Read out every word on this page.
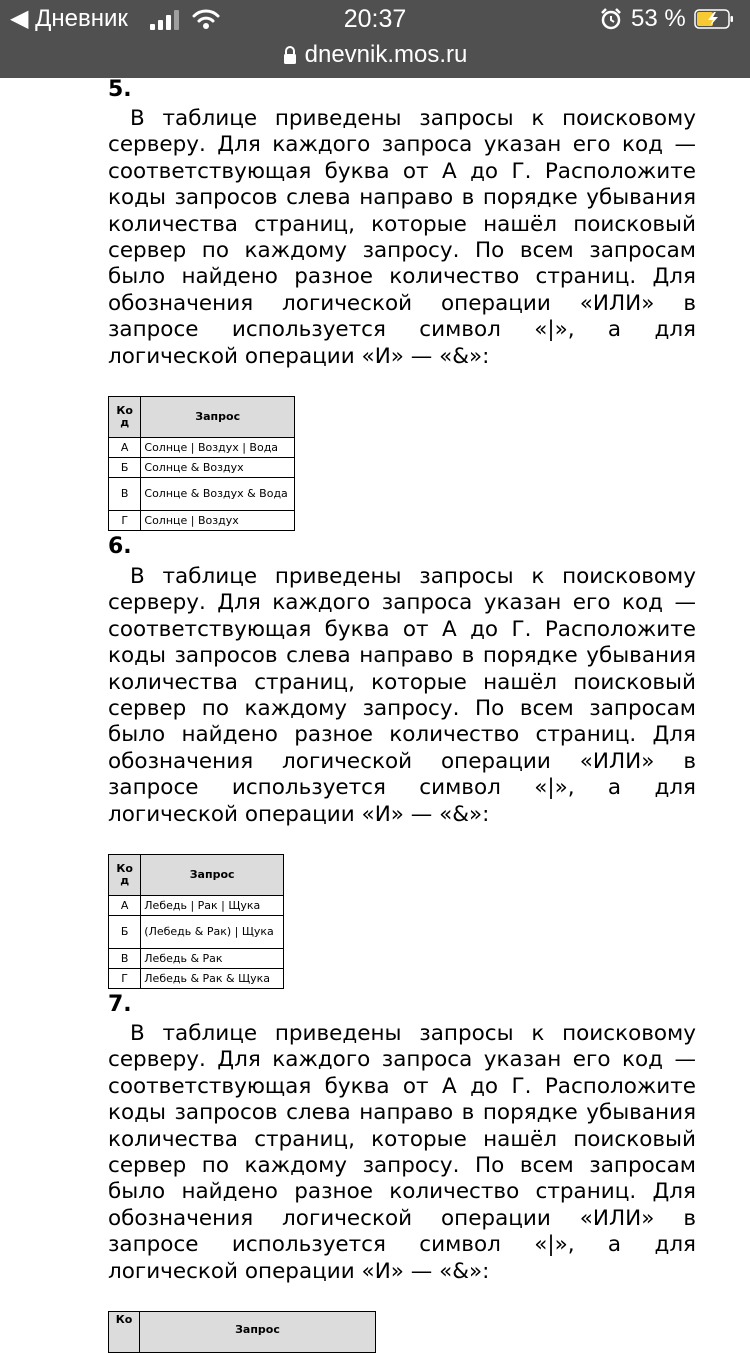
◀ Дневник	20:37	53 %
dnevnik.mos.ru
5.

В таблице приведены запросы к поисковому серверу. Для каждого запроса указан его код — соответствующая буква от А до Г. Расположите коды запросов слева направо в порядке убывания количества страниц, которые нашёл поисковый сервер по каждому запросу. По всем запросам было найдено разное количество страниц. Для обозначения логической операции «ИЛИ» в запросе используется символ «|», а для логической операции «И» — «&»:

Ко д	Запрос
А	Солнце | Воздух | Вода
Б	Солнце & Воздух
В	Солнце & Воздух & Вода
Г	Солнце | Воздух
6.

В таблице приведены запросы к поисковому серверу. Для каждого запроса указан его код — соответствующая буква от А до Г. Расположите коды запросов слева направо в порядке убывания количества страниц, которые нашёл поисковый сервер по каждому запросу. По всем запросам было найдено разное количество страниц. Для обозначения логической операции «ИЛИ» в запросе используется символ «|», а для логической операции «И» — «&»:

Ко д	Запрос
А	Лебедь | Рак | Щука
Б	(Лебедь & Рак) | Щука
В	Лебедь & Рак
Г	Лебедь & Рак & Щука
7.

В таблице приведены запросы к поисковому серверу. Для каждого запроса указан его код — соответствующая буква от А до Г. Расположите коды запросов слева направо в порядке убывания количества страниц, которые нашёл поисковый сервер по каждому запросу. По всем запросам было найдено разное количество страниц. Для обозначения логической операции «ИЛИ» в запросе используется символ «|», а для логической операции «И» — «&»:

Ко	Запрос
